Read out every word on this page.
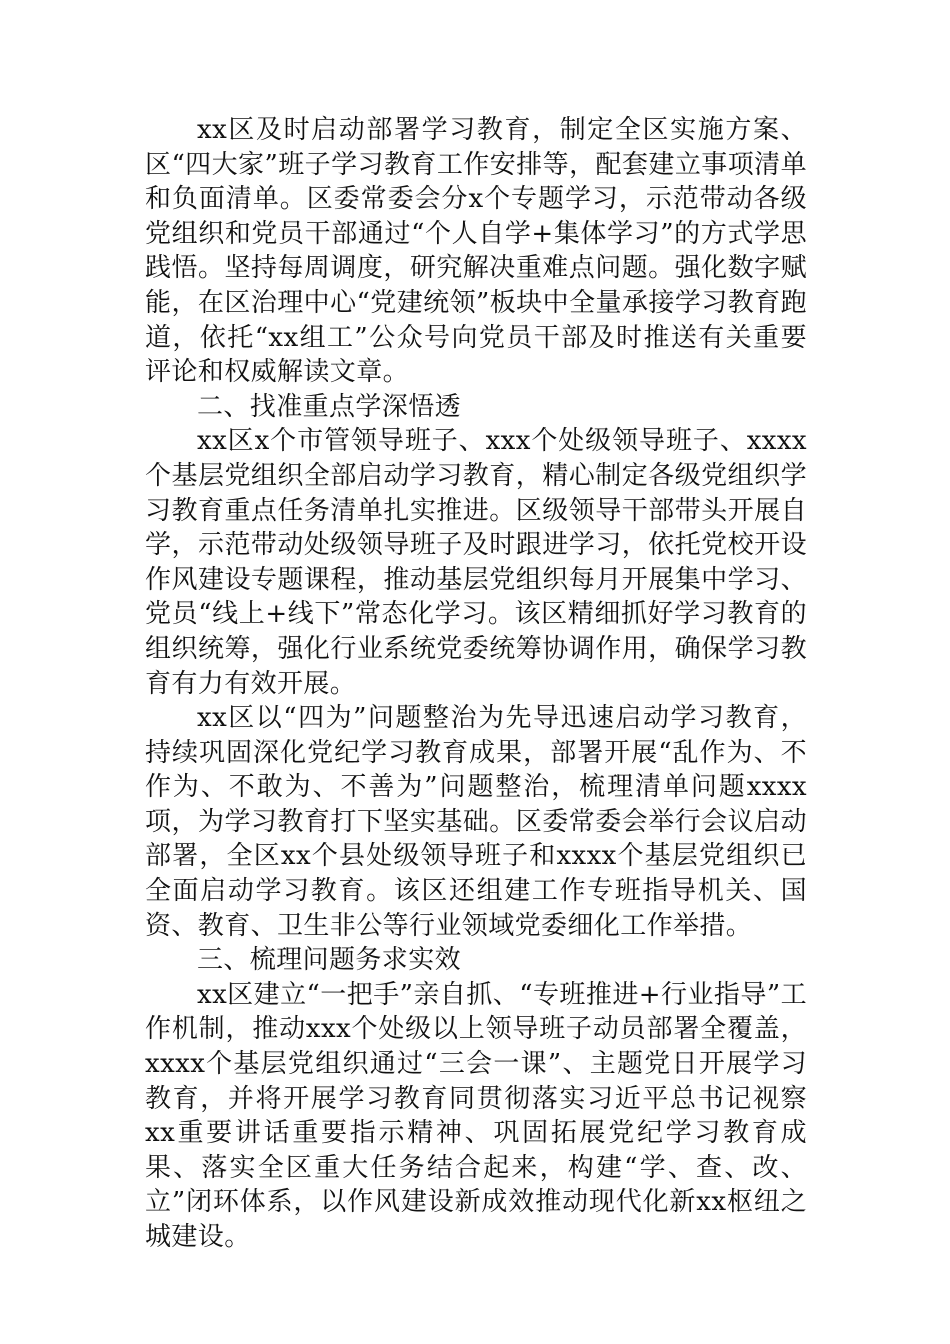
xx区及时启动部署学习教育，制定全区实施方案、区“四大家”班子学习教育工作安排等，配套建立事项清单和负面清单。区委常委会分x个专题学习，示范带动各级党组织和党员干部通过“个人自学+集体学习”的方式学思践悟。坚持每周调度，研究解决重难点问题。强化数字赋能，在区治理中心“党建统领”板块中全量承接学习教育跑道，依托“xx组工”公众号向党员干部及时推送有关重要评论和权威解读文章。

二、找准重点学深悟透

xx区x个市管领导班子、xxx个处级领导班子、xxxx个基层党组织全部启动学习教育，精心制定各级党组织学习教育重点任务清单扎实推进。区级领导干部带头开展自学，示范带动处级领导班子及时跟进学习，依托党校开设作风建设专题课程，推动基层党组织每月开展集中学习、党员“线上+线下”常态化学习。该区精细抓好学习教育的组织统筹，强化行业系统党委统筹协调作用，确保学习教育有力有效开展。

xx区以“四为”问题整治为先导迅速启动学习教育，持续巩固深化党纪学习教育成果，部署开展“乱作为、不作为、不敢为、不善为”问题整治，梳理清单问题xxxx项，为学习教育打下坚实基础。区委常委会举行会议启动部署，全区xx个县处级领导班子和xxxx个基层党组织已全面启动学习教育。该区还组建工作专班指导机关、国资、教育、卫生非公等行业领域党委细化工作举措。

三、梳理问题务求实效

xx区建立“一把手”亲自抓、“专班推进+行业指导”工作机制，推动xxx个处级以上领导班子动员部署全覆盖，xxxx个基层党组织通过“三会一课”、主题党日开展学习教育，并将开展学习教育同贯彻落实习近平总书记视察xx重要讲话重要指示精神、巩固拓展党纪学习教育成果、落实全区重大任务结合起来，构建“学、查、改、立”闭环体系，以作风建设新成效推动现代化新xx枢纽之城建设。
